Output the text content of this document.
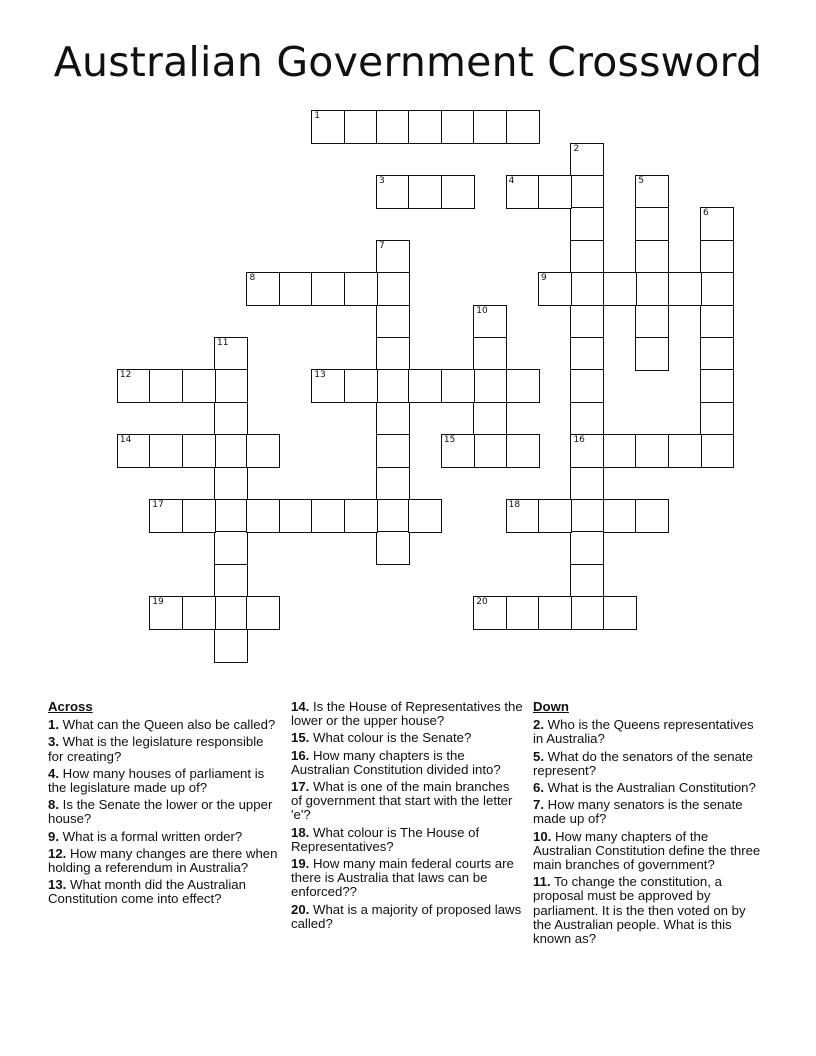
Australian Government Crossword
1
2
16
3	4	5
6
7
8	9
10
11
12	13
14	15
17	18
19	20
Across
1. What can the Queen also be called?
3. What is the legislature responsible for creating?
4. How many houses of parliament is the legislature made up of?
8. Is the Senate the lower or the upper house?
9. What is a formal written order?
12. How many changes are there when holding a referendum in Australia?
13. What month did the Australian Constitution come into effect?
14. Is the House of Representatives the lower or the upper house?
15. What colour is the Senate?
16. How many chapters is the Australian Constitution divided into?
17. What is one of the main branches of government that start with the letter 'e'?
18. What colour is The House of Representatives?
19. How many main federal courts are there is Australia that laws can be enforced??
20. What is a majority of proposed laws called?
Down
2. Who is the Queens representatives in Australia?
5. What do the senators of the senate represent?
6. What is the Australian Constitution?
7. How many senators is the senate made up of?
10. How many chapters of the Australian Constitution define the three main branches of government?
11. To change the constitution, a proposal must be approved by parliament. It is the then voted on by the Australian people. What is this known as?
